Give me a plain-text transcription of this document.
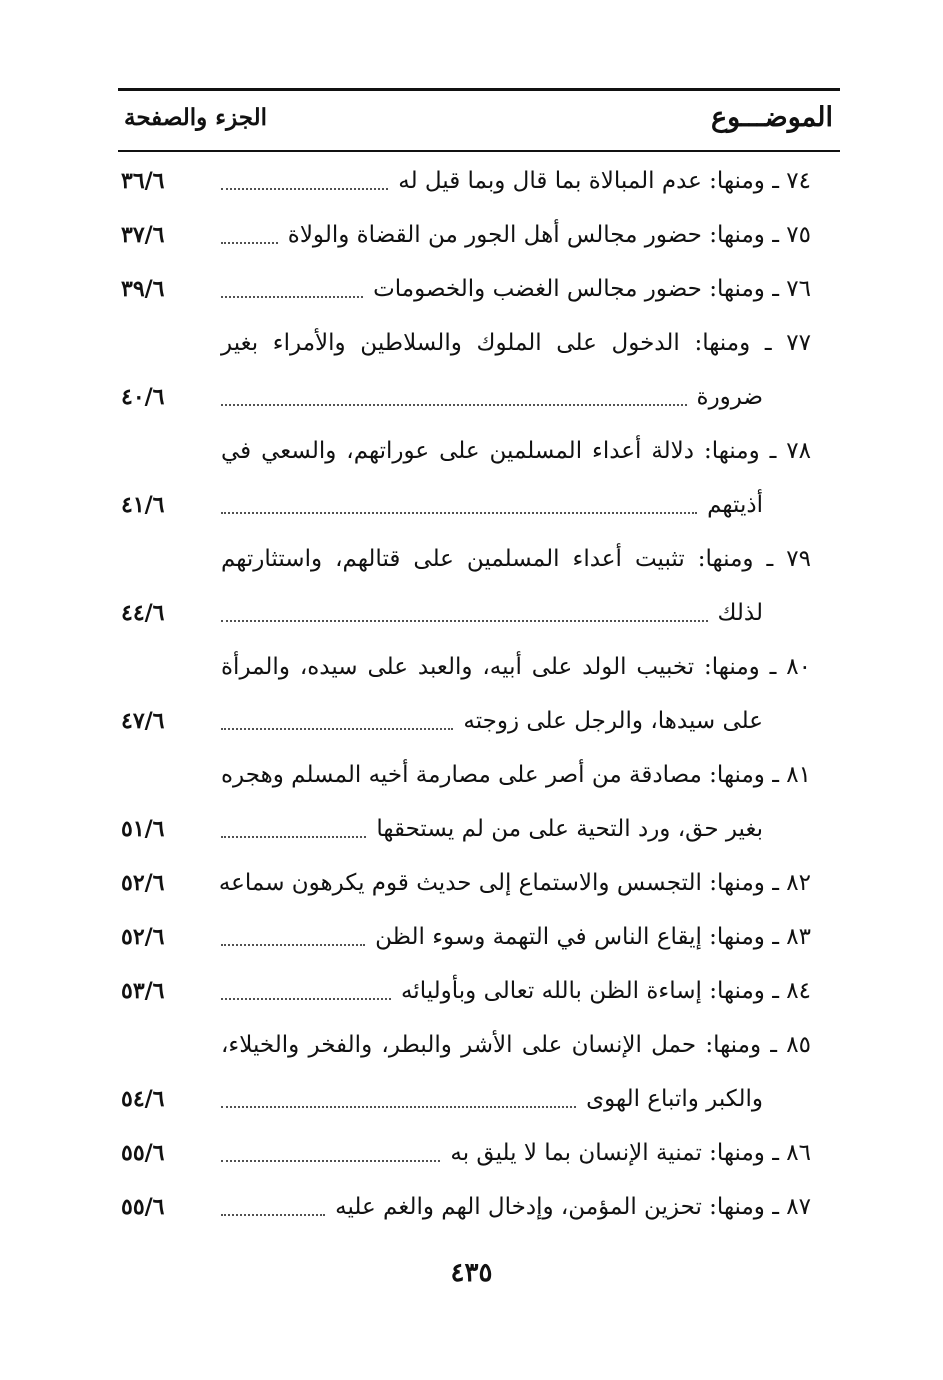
الموضـــوع
الجزء والصفحة
٧٤ ـ ومنها: عدم المبالاة بما قال وبما قيل له
٣٦/٦
٧٥ ـ ومنها: حضور مجالس أهل الجور من القضاة والولاة
٣٧/٦
٧٦ ـ ومنها: حضور مجالس الغضب والخصومات
٣٩/٦
٧٧ ـ ومنها: الدخول على الملوك والسلاطين والأمراء بغير
ضرورة
٤٠/٦
٧٨ ـ ومنها: دلالة أعداء المسلمين على عوراتهم، والسعي في
أذيتهم
٤١/٦
٧٩ ـ ومنها: تثبيت أعداء المسلمين على قتالهم، واستثارتهم
لذلك
٤٤/٦
٨٠ ـ ومنها: تخبيب الولد على أبيه، والعبد على سيده، والمرأة
على سيدها، والرجل على زوجته
٤٧/٦
٨١ ـ ومنها: مصادقة من أصر على مصارمة أخيه المسلم وهجره
بغير حق، ورد التحية على من لم يستحقها
٥١/٦
٨٢ ـ ومنها: التجسس والاستماع إلى حديث قوم يكرهون سماعه
٥٢/٦
٨٣ ـ ومنها: إيقاع الناس في التهمة وسوء الظن
٥٢/٦
٨٤ ـ ومنها: إساءة الظن بالله تعالى وبأوليائه
٥٣/٦
٨٥ ـ ومنها: حمل الإنسان على الأشر والبطر، والفخر والخيلاء،
والكبر واتباع الهوى
٥٤/٦
٨٦ ـ ومنها: تمنية الإنسان بما لا يليق به
٥٥/٦
٨٧ ـ ومنها: تحزين المؤمن، وإدخال الهم والغم عليه
٥٥/٦
٤٣٥
